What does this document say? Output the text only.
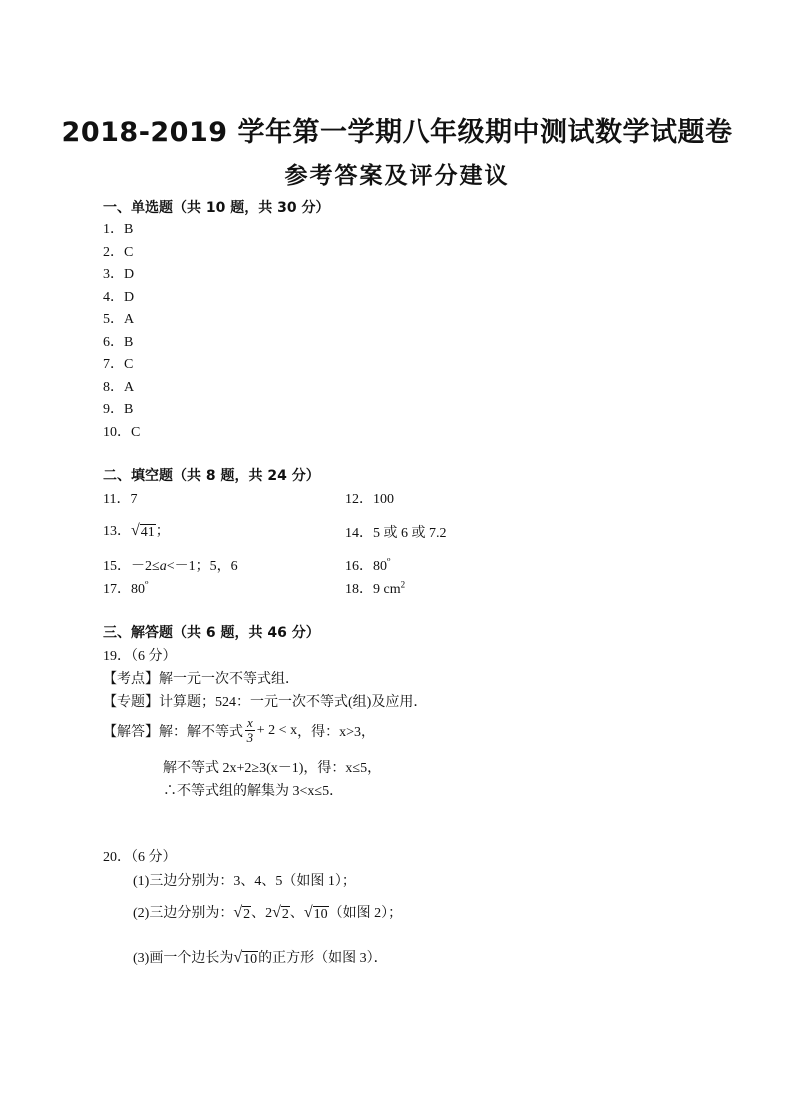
2018-2019 学年第一学期八年级期中测试数学试题卷
参考答案及评分建议
一、单选题（共 10 题，共 30 分）
1．B
2．C
3．D
4．D
5．A
6．B
7．C
8．A
9．B
10．C
二、填空题（共 8 题，共 24 分）
11．7	12．100
13． √ 41 ；	14．5 或 6 或 7.2
15．－2≤a<－1；5，6	16．$80^º$
17．$80^º$	18．9 $cm^2$
三、解答题（共 6 题，共 46 分）
19．（6 分）
【考点】解一元一次不等式组．
【专题】计算题；524：一元一次不等式(组)及应用．
【解答】解：解不等式 $\frac{x}{3} + 2 < x$ ，得：x>3，
解不等式 2x+2≥3(x－1)，得：x≤5，
∴不等式组的解集为 3<x≤5．
20．（6 分）
(1)三边分别为：3、4、5（如图 1）；
(2)三边分别为： √ 2 、2 √ 2 、 √ 10 （如图 2）；
(3)画一个边长为 √ 10 的正方形（如图 3）．
